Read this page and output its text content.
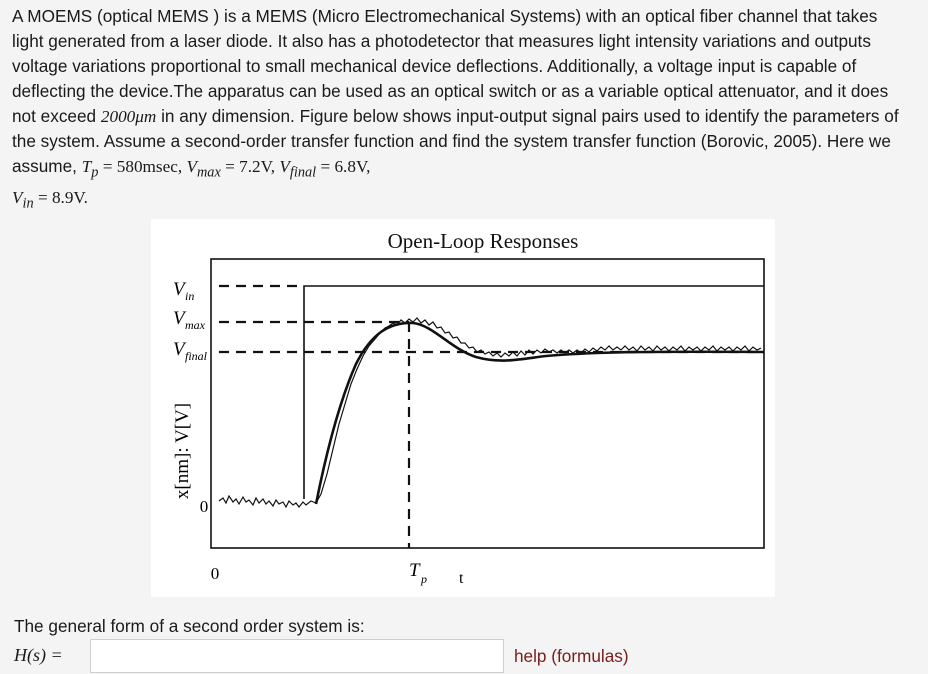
A MOEMS (optical MEMS ) is a MEMS (Micro Electromechanical Systems) with an optical fiber channel that takes light generated from a laser diode. It also has a photodetector that measures light intensity variations and outputs voltage variations proportional to small mechanical device deflections. Additionally, a voltage input is capable of deflecting the device.The apparatus can be used as an optical switch or as a variable optical attenuator, and it does not exceed 2000μm in any dimension. Figure below shows input-output signal pairs used to identify the parameters of the system. Assume a second-order transfer function and find the system transfer function (Borovic, 2005). Here we assume, $T_p = 580msec$, $V_{max} = 7.2V$, $V_{final} = 6.8V$,
$V_{in} = 8.9V$.
Open-Loop Responses
V in
V max
V final
x[nm]: V[V]
0
0	T p t
The general form of a second order system is:
H(s) =	help (formulas)
